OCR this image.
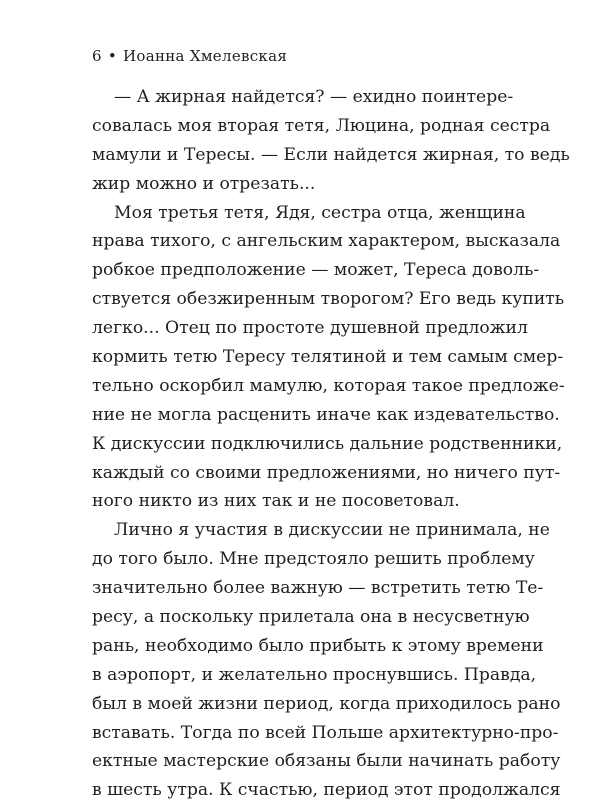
6 • Иоанна Хмелевская
— А жирная найдется? — ехидно поинтере-
совалась моя вторая тетя, Люцина, родная сестра
мамули и Тересы. — Если найдется жирная, то ведь
жир можно и отрезать...
Моя третья тетя, Ядя, сестра отца, женщина
нрава тихого, с ангельским характером, высказала
робкое предположение — может, Тереса доволь-
ствуется обезжиренным творогом? Его ведь купить
легко... Отец по простоте душевной предложил
кормить тетю Тересу телятиной и тем самым смер-
тельно оскорбил мамулю, которая такое предложе-
ние не могла расценить иначе как издевательство.
К дискуссии подключились дальние родственники,
каждый со своими предложениями, но ничего пут-
ного никто из них так и не посоветовал.
Лично я участия в дискуссии не принимала, не
до того было. Мне предстояло решить проблему
значительно более важную — встретить тетю Те-
ресу, а поскольку прилетала она в несусветную
рань, необходимо было прибыть к этому времени
в аэропорт, и желательно проснувшись. Правда,
был в моей жизни период, когда приходилось рано
вставать. Тогда по всей Польше архитектурно-про-
ектные мастерские обязаны были начинать работу
в шесть утра. К счастью, период этот продолжался
